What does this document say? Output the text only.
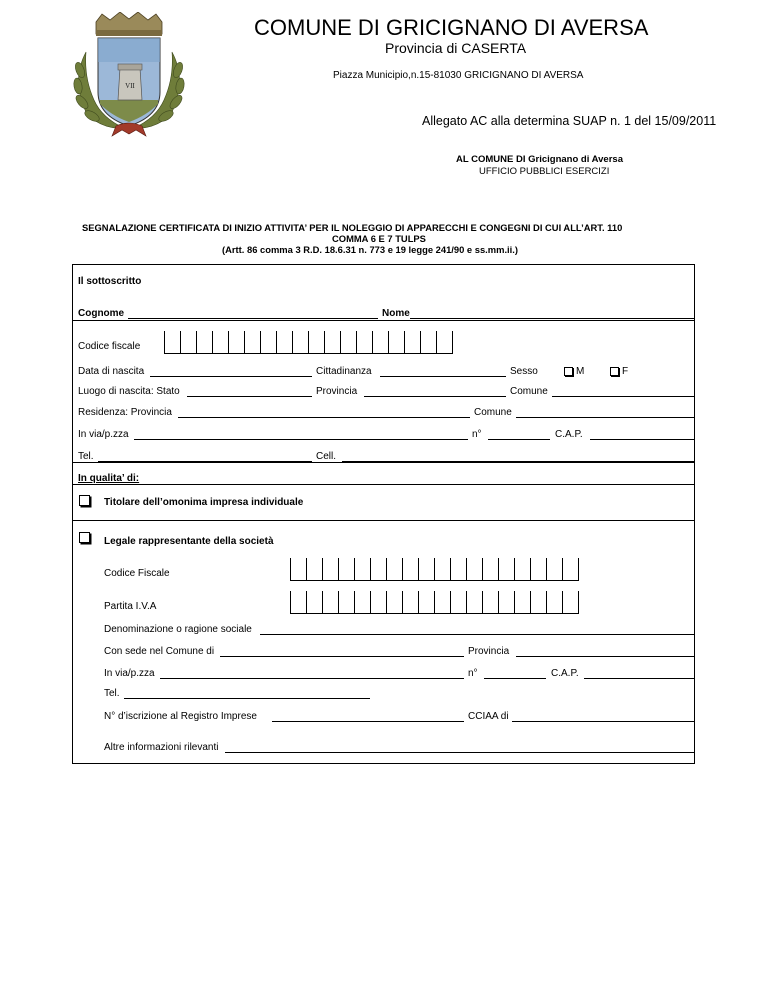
VII
COMUNE DI GRICIGNANO DI AVERSA
Provincia di CASERTA
Piazza Municipio,n.15-81030 GRICIGNANO DI AVERSA
Allegato AC alla determina SUAP n. 1 del 15/09/2011
AL COMUNE DI Gricignano di Aversa
UFFICIO PUBBLICI ESERCIZI
SEGNALAZIONE CERTIFICATA DI INIZIO ATTIVITA’ PER IL NOLEGGIO DI APPARECCHI E CONGEGNI DI CUI ALL’ART. 110
COMMA 6 E 7 TULPS
(Artt. 86 comma 3 R.D. 18.6.31 n. 773 e 19 legge 241/90 e ss.mm.ii.)
Il sottoscritto
Cognome	Nome
Codice fiscale
Data di nascita	Cittadinanza	Sesso	M	F
Luogo di nascita: Stato	Provincia	Comune
Residenza: Provincia	Comune
In via/p.zza	n°	C.A.P.
Tel.	Cell.
In qualita’ di:
Titolare dell’omonima impresa individuale
Legale rappresentante della società
Codice Fiscale
Partita I.V.A
Denominazione o ragione sociale
Con sede nel Comune di	Provincia
In via/p.zza	n°	C.A.P.
Tel.
N° d’iscrizione al Registro Imprese	CCIAA di
Altre informazioni rilevanti
